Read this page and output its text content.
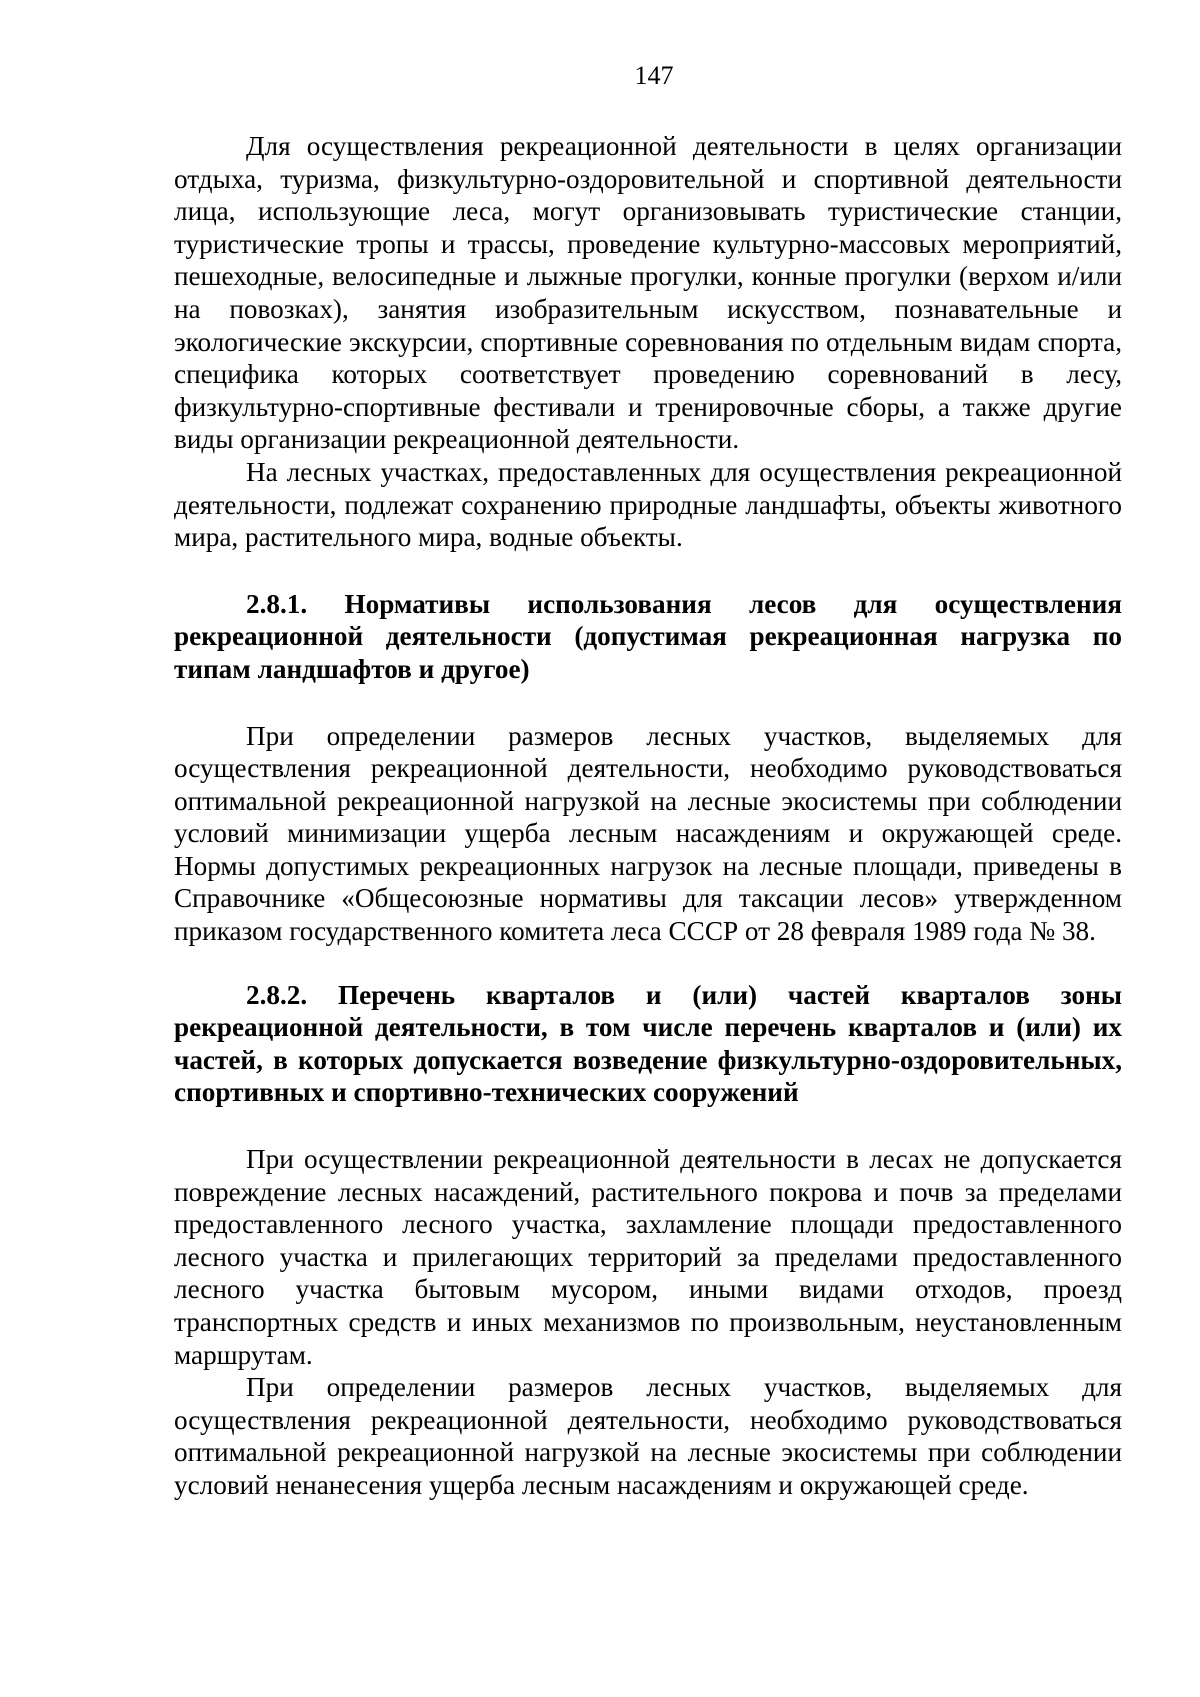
147

Для осуществления рекреационной деятельности в целях организации отдыха, туризма, физкультурно-оздоровительной и спортивной деятельности лица, использующие леса, могут организовывать туристические станции, туристические тропы и трассы, проведение культурно-массовых мероприятий, пешеходные, велосипедные и лыжные прогулки, конные прогулки (верхом и/или на повозках), занятия изобразительным искусством, познавательные и экологические экскурсии, спортивные соревнования по отдельным видам спорта, специфика которых соответствует проведению соревнований в лесу, физкультурно-спортивные фестивали и тренировочные сборы, а также другие виды организации рекреационной деятельности.

На лесных участках, предоставленных для осуществления рекреационной деятельности, подлежат сохранению природные ландшафты, объекты животного мира, растительного мира, водные объекты.

2.8.1. Нормативы использования лесов для осуществления рекреационной деятельности (допустимая рекреационная нагрузка по типам ландшафтов и другое)

При определении размеров лесных участков, выделяемых для осуществления рекреационной деятельности, необходимо руководствоваться оптимальной рекреационной нагрузкой на лесные экосистемы при соблюдении условий минимизации ущерба лесным насаждениям и окружающей среде. Нормы допустимых рекреационных нагрузок на лесные площади, приведены в Справочнике «Общесоюзные нормативы для таксации лесов» утвержденном приказом государственного комитета леса СССР от 28 февраля 1989 года № 38.

2.8.2. Перечень кварталов и (или) частей кварталов зоны рекреационной деятельности, в том числе перечень кварталов и (или) их частей, в которых допускается возведение физкультурно-оздоровительных, спортивных и спортивно-технических сооружений

При осуществлении рекреационной деятельности в лесах не допускается повреждение лесных насаждений, растительного покрова и почв за пределами предоставленного лесного участка, захламление площади предоставленного лесного участка и прилегающих территорий за пределами предоставленного лесного участка бытовым мусором, иными видами отходов, проезд транспортных средств и иных механизмов по произвольным, неустановленным маршрутам.

При определении размеров лесных участков, выделяемых для осуществления рекреационной деятельности, необходимо руководствоваться оптимальной рекреационной нагрузкой на лесные экосистемы при соблюдении условий ненанесения ущерба лесным насаждениям и окружающей среде.
